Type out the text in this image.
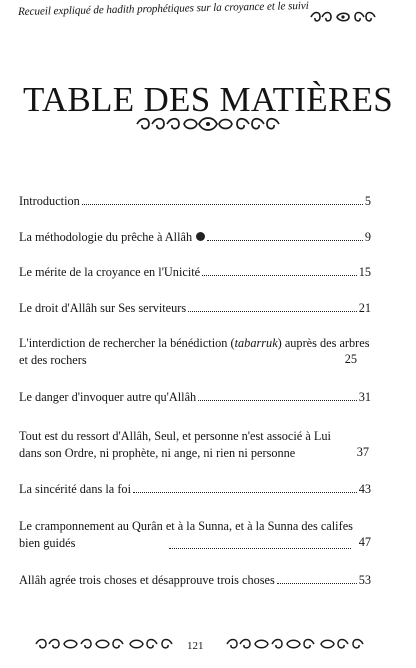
Recueil expliqué de hadith prophétiques sur la croyance et le suivi
TABLE DES MATIÈRES
Introduction	5
La méthodologie du prêche à Allâh	9
Le mérite de la croyance en l'Unicité	15
Le droit d'Allâh sur Ses serviteurs	21
L'interdiction de rechercher la bénédiction (tabarruk) auprès des arbres et des rochers	25
Le danger d'invoquer autre qu'Allâh	31
Tout est du ressort d'Allâh, Seul, et personne n'est associé à Lui dans son Ordre, ni prophète, ni ange, ni rien ni personne	37
La sincérité dans la foi	43
Le cramponnement au Qurân et à la Sunna, et à la Sunna des califes bien guidés	47
Allâh agrée trois choses et désapprouve trois choses	53
121
